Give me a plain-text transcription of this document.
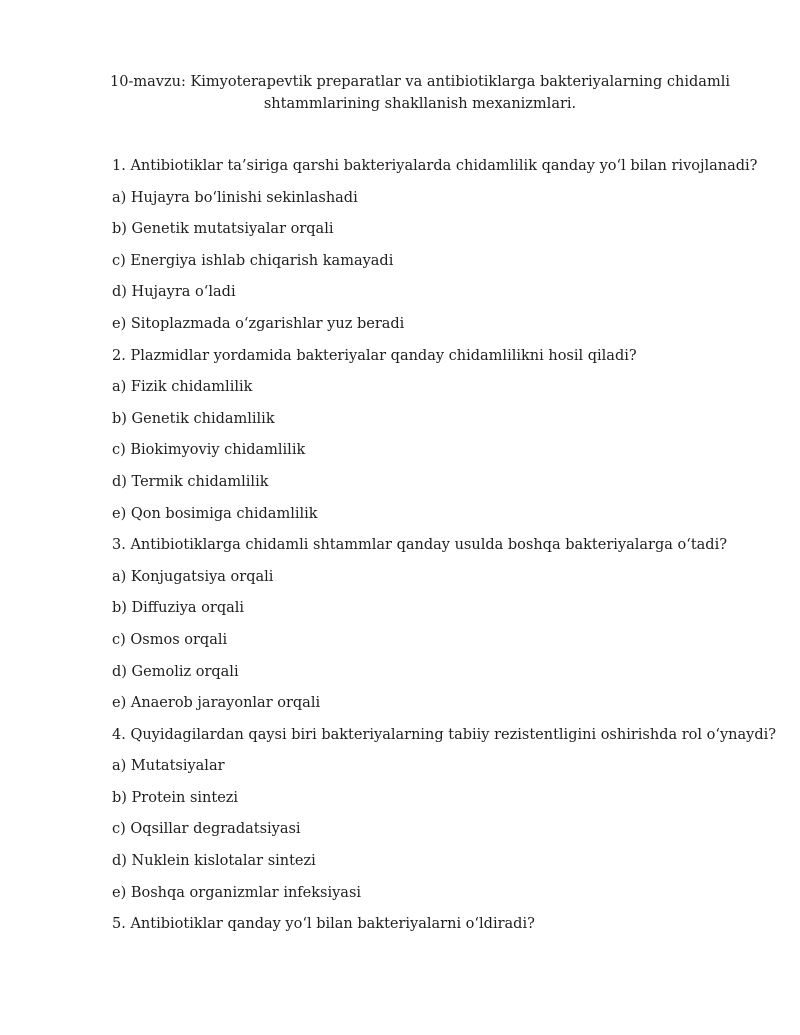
10-mavzu: Kimyoterapevtik preparatlar va antibiotiklarga bakteriyalarning chidamli
shtammlarining shakllanish mexanizmlari.
1. Antibiotiklar ta’siriga qarshi bakteriyalarda chidamlilik qanday yo‘l bilan rivojlanadi?
a) Hujayra bo‘linishi sekinlashadi
b) Genetik mutatsiyalar orqali
c) Energiya ishlab chiqarish kamayadi
d) Hujayra o‘ladi
e) Sitoplazmada o‘zgarishlar yuz beradi
2. Plazmidlar yordamida bakteriyalar qanday chidamlilikni hosil qiladi?
a) Fizik chidamlilik
b) Genetik chidamlilik
c) Biokimyoviy chidamlilik
d) Termik chidamlilik
e) Qon bosimiga chidamlilik
3. Antibiotiklarga chidamli shtammlar qanday usulda boshqa bakteriyalarga o‘tadi?
a) Konjugatsiya orqali
b) Diffuziya orqali
c) Osmos orqali
d) Gemoliz orqali
e) Anaerob jarayonlar orqali
4. Quyidagilardan qaysi biri bakteriyalarning tabiiy rezistentligini oshirishda rol o‘ynaydi?
a) Mutatsiyalar
b) Protein sintezi
c) Oqsillar degradatsiyasi
d) Nuklein kislotalar sintezi
e) Boshqa organizmlar infeksiyasi
5. Antibiotiklar qanday yo‘l bilan bakteriyalarni o‘ldiradi?
